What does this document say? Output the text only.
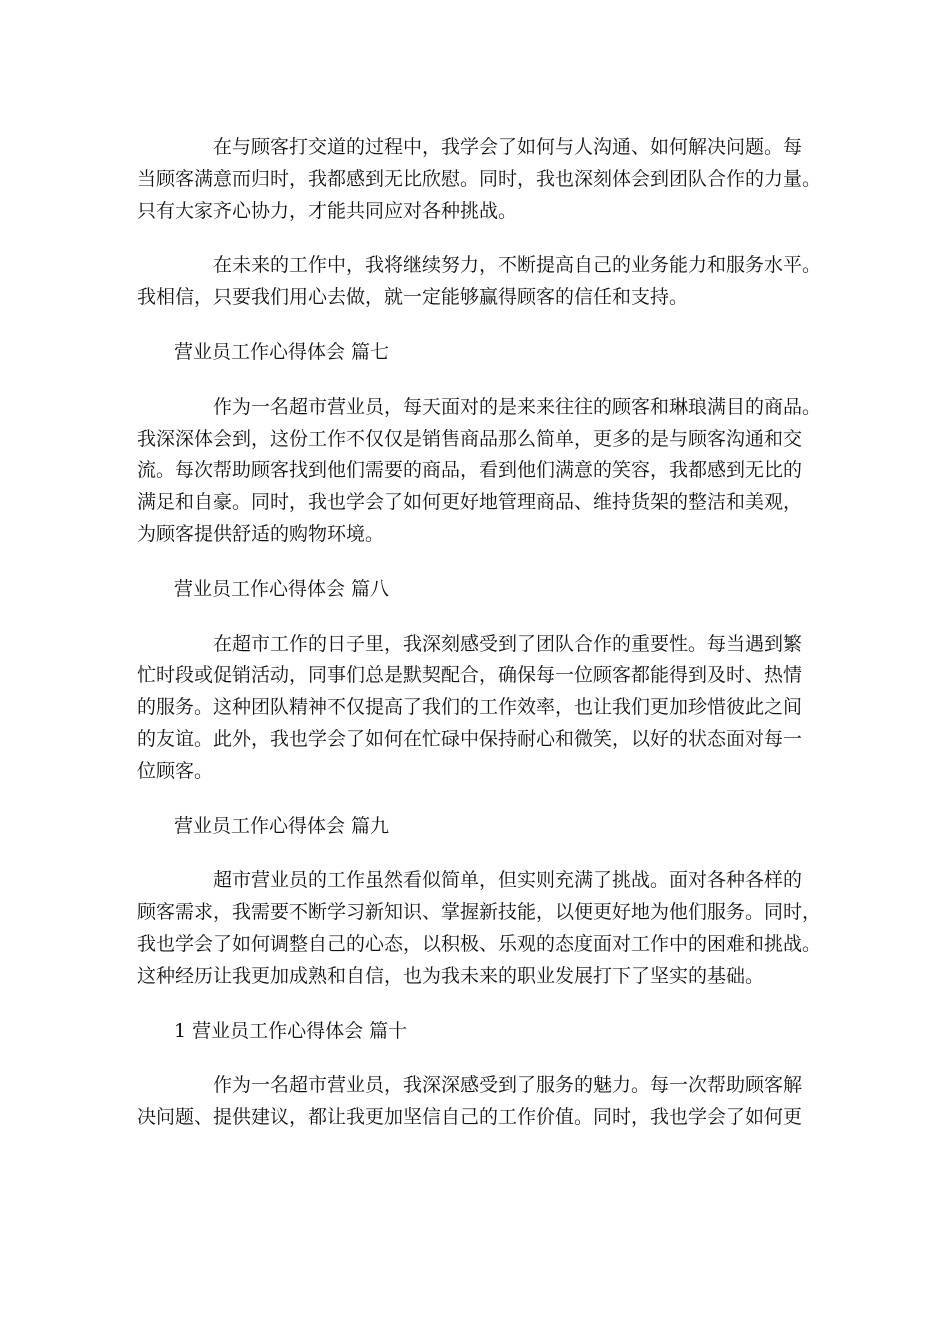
在与顾客打交道的过程中，我学会了如何与人沟通、如何解决问题。每
当顾客满意而归时，我都感到无比欣慰。同时，我也深刻体会到团队合作的力量。
只有大家齐心协力，才能共同应对各种挑战。
在未来的工作中，我将继续努力，不断提高自己的业务能力和服务水平。
我相信，只要我们用心去做，就一定能够赢得顾客的信任和支持。
营业员工作心得体会 篇七
作为一名超市营业员，每天面对的是来来往往的顾客和琳琅满目的商品。
我深深体会到，这份工作不仅仅是销售商品那么简单，更多的是与顾客沟通和交
流。每次帮助顾客找到他们需要的商品，看到他们满意的笑容，我都感到无比的
满足和自豪。同时，我也学会了如何更好地管理商品、维持货架的整洁和美观，
为顾客提供舒适的购物环境。
营业员工作心得体会 篇八
在超市工作的日子里，我深刻感受到了团队合作的重要性。每当遇到繁
忙时段或促销活动，同事们总是默契配合，确保每一位顾客都能得到及时、热情
的服务。这种团队精神不仅提高了我们的工作效率，也让我们更加珍惜彼此之间
的友谊。此外，我也学会了如何在忙碌中保持耐心和微笑，以好的状态面对每一
位顾客。
营业员工作心得体会 篇九
超市营业员的工作虽然看似简单，但实则充满了挑战。面对各种各样的
顾客需求，我需要不断学习新知识、掌握新技能，以便更好地为他们服务。同时，
我也学会了如何调整自己的心态，以积极、乐观的态度面对工作中的困难和挑战。
这种经历让我更加成熟和自信，也为我未来的职业发展打下了坚实的基础。
1 营业员工作心得体会 篇十
作为一名超市营业员，我深深感受到了服务的魅力。每一次帮助顾客解
决问题、提供建议，都让我更加坚信自己的工作价值。同时，我也学会了如何更
